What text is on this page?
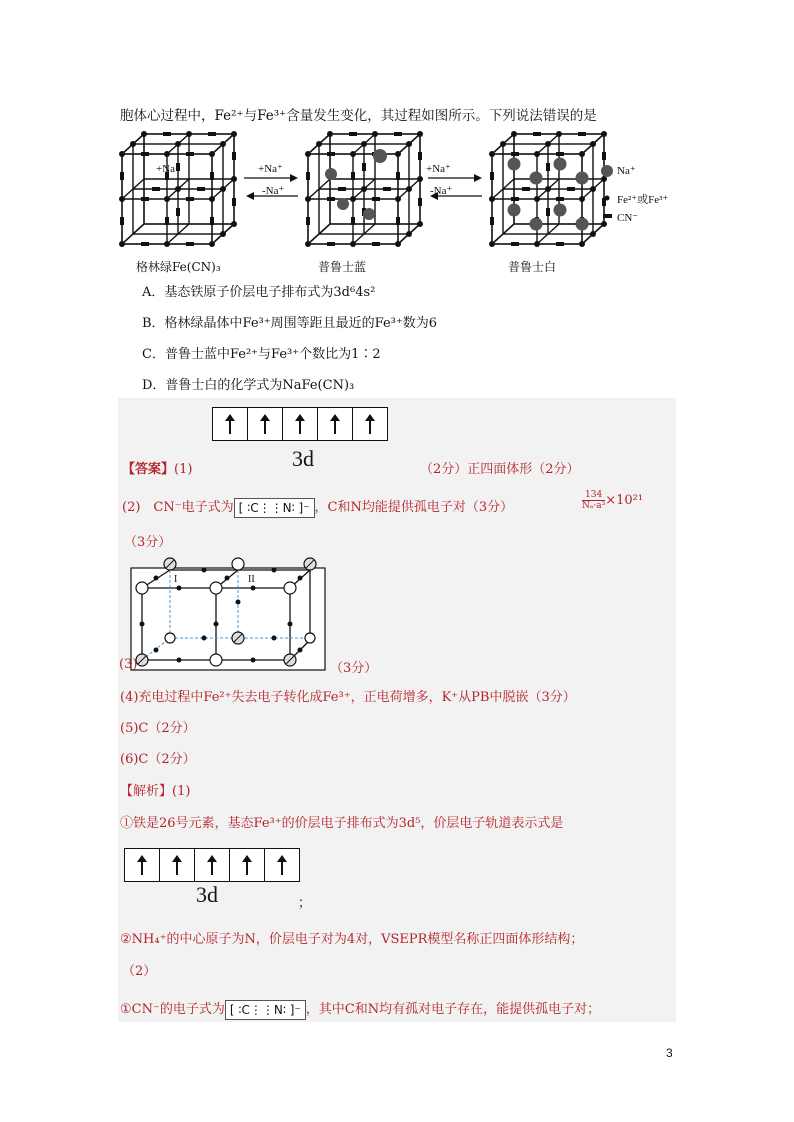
胞体心过程中，Fe²⁺与Fe³⁺含量发生变化，其过程如图所示。下列说法错误的是
+Na⁺	+Na⁺
-Na⁺
+Na⁺
-Na⁺
Na⁺
Fe²⁺或Fe³⁺
CN⁻
格林绿Fe(CN)₃	普鲁士蓝	普鲁士白
A．基态铁原子价层电子排布式为3d⁶4s²
B．格林绿晶体中Fe³⁺周围等距且最近的Fe³⁺数为6
C．普鲁士蓝中Fe²⁺与Fe³⁺个数比为1∶2
D．普鲁士白的化学式为NaFe(CN)₃
3d
【答案】(1)	（2分）正四面体形（2分）
(2)　CN⁻电子式为 [ ∶C⋮⋮N∶ ]⁻ ，C和N均能提供孤电子对（3分）	$\frac{134}{\text{Nₐ·a³}} \times 10^{21}$
（3分）
I	II
(3)	（3分）
(4)充电过程中Fe²⁺失去电子转化成Fe³⁺，正电荷增多，K⁺从PB中脱嵌（3分）
(5)C（2分）
(6)C（2分）
【解析】(1)
①铁是26号元素，基态Fe³⁺的价层电子排布式为3d⁵，价层电子轨道表示式是
3d	；
②NH₄⁺的中心原子为N，价层电子对为4对，VSEPR模型名称正四面体形结构；
（2）
①CN⁻的电子式为 [ ∶C⋮⋮N∶ ]⁻ ，其中C和N均有孤对电子存在，能提供孤电子对；
3
